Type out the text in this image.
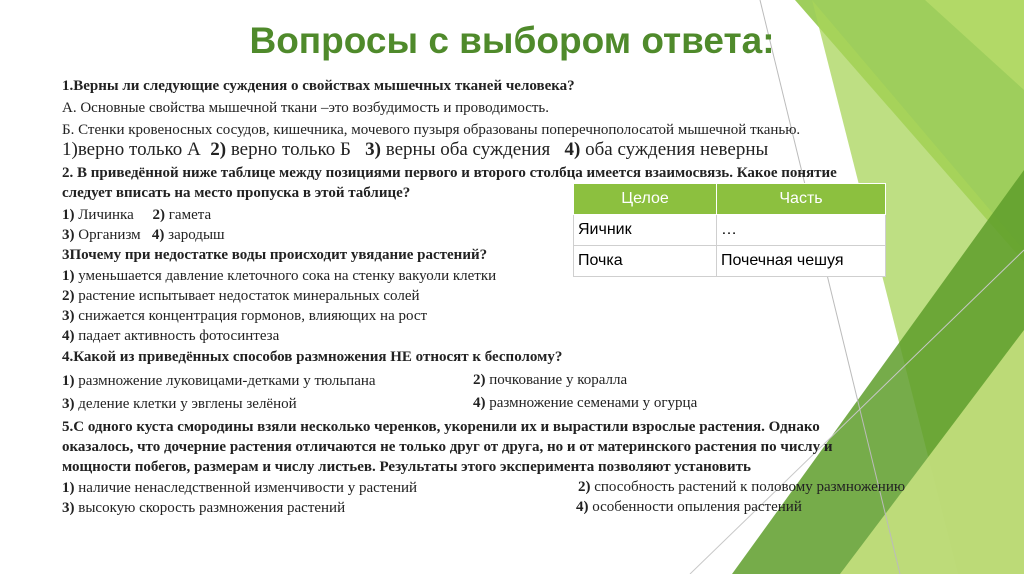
Вопросы с выбором ответа:
1.Верны ли следующие суждения о свойствах мышечных тканей человека?
А. Основные свойства мышечной ткани –это возбудимость и проводимость.
Б. Стенки кровеносных сосудов, кишечника, мочевого пузыря образованы поперечнополосатой мышечной тканью.
1)верно только А 2) верно только Б 3) верны оба суждения 4) оба суждения неверны
2. В приведённой ниже таблице между позициями первого и второго столбца имеется взаимосвязь. Какое понятие
следует вписать на место пропуска в этой таблице?
1) Личинка 2) гамета
3) Организм 4) зародыш
Целое	Часть
Яичник	…
Почка	Почечная чешуя
3Почему при недостатке воды происходит увядание растений?
1) уменьшается давление клеточного сока на стенку вакуоли клетки
2) растение испытывает недостаток минеральных солей
3) снижается концентрация гормонов, влияющих на рост
4) падает активность фотосинтеза
4.Какой из приведённых способов размножения НЕ относят к бесполому?
1) размножение луковицами-детками у тюльпана	2) почкование у коралла
3) деление клетки у эвглены зелёной	4) размножение семенами у огурца
5.С одного куста смородины взяли несколько черенков, укоренили их и вырастили взрослые растения. Однако
оказалось, что дочерние растения отличаются не только друг от друга, но и от материнского растения по числу и
мощности побегов, размерам и числу листьев. Результаты этого эксперимента позволяют установить
1) наличие ненаследственной изменчивости у растений	2) способность растений к половому размножению
3) высокую скорость размножения растений	4) особенности опыления растений
